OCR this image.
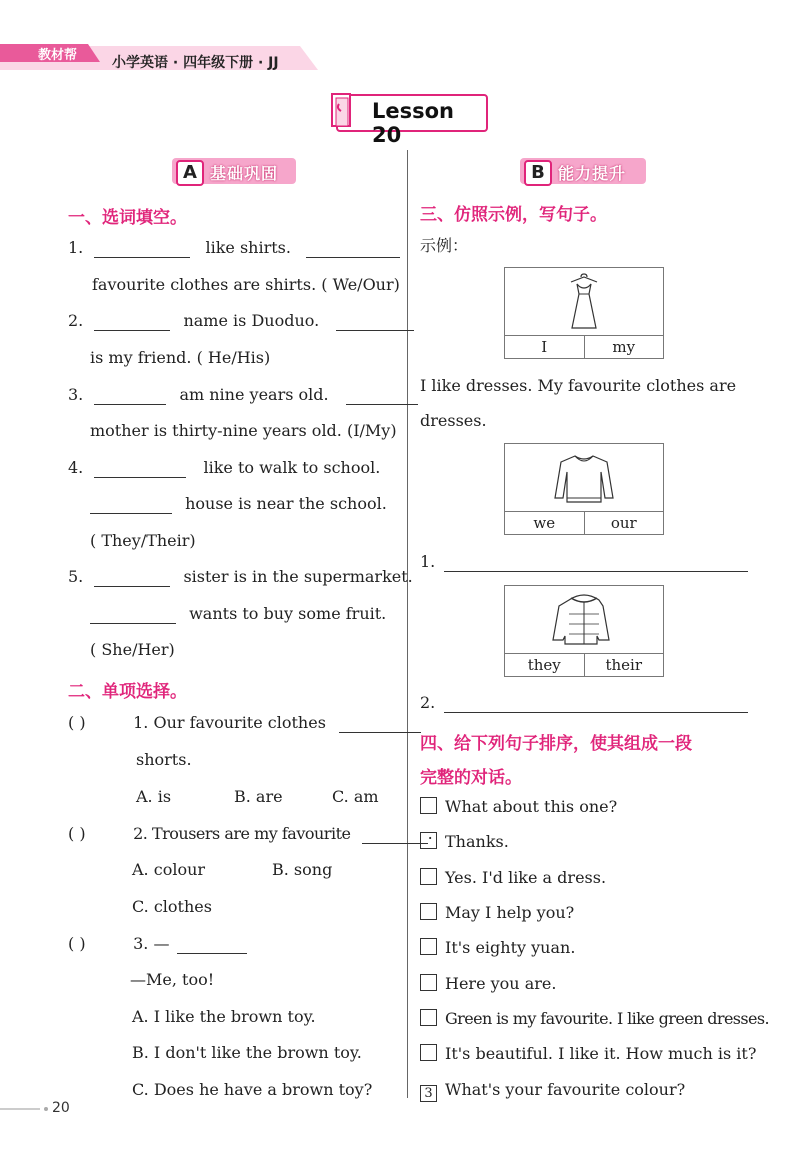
教材帮 小学英语 · 四年级下册 · JJ
Lesson 20
A 基础巩固
一、选词填空。
1.	like shirts.
favourite clothes are shirts. ( We/Our)
2.	name is Duoduo.
is my friend. ( He/His)
3.	am nine years old.
mother is thirty-nine years old. (I/My)
4.	like to walk to school.
house is near the school.
( They/Their)
5.	sister is in the supermarket.
wants to buy some fruit.
( She/Her)
二、单项选择。
( )	1. Our favourite clothes
shorts.
A. is	B. are	C. am
( )	2. Trousers are my favourite	.
A. colour	B. song
C. clothes
( )	3. —
—Me, too!
A. I like the brown toy.
B. I don't like the brown toy.
C. Does he have a brown toy?
B 能力提升
三、仿照示例，写句子。
示例：
I	my
I like dresses. My favourite clothes are
dresses.
we	our
1.
they	their
2.
四、给下列句子排序，使其组成一段
完整的对话。
What about this one?
Thanks.
Yes. I'd like a dress.
May I help you?
It's eighty yuan.
Here you are.
Green is my favourite. I like green dresses.
It's beautiful. I like it. How much is it?
3 What's your favourite colour?
20
